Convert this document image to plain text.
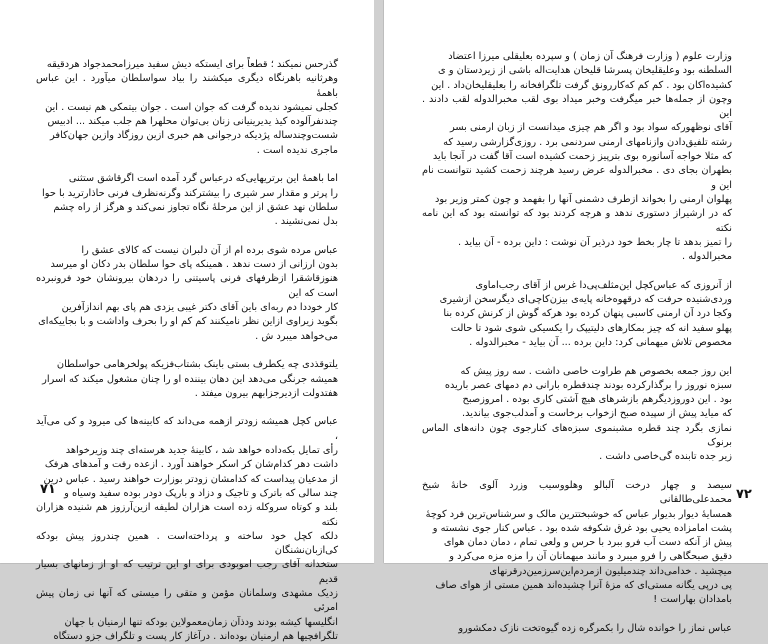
گذرحس نمیکند ؛ قطعاً برای ایستکه دیش سفید میرزامحمدجواد هردقیقه
وهرثانیه باهرنگاه دیگری میکشند را بیاد سواسلطان میآورد . این عباس باهمهٔ
کجلی نمیشود ندیده گرفت که جوان است . جوان بیتمکی هم نیست . این
چندنفرآلوده کیذ یدیرینیانی زنان بی‌توان محلهرا هم جلب میکند ... ادبیس
شست‌وچندساله پژدیکه درجوانی هم خبری ازین روزگاد وازین جهان‌کافر
ماجری ندیده است .

اما باهمهٔ این برتریهایی‌که درعباس گرد آمده است اگرقاشق ستثنی
را پرتر و مقدار سر شیری را بیشترکند وگرنه‌نظرف فرنی حاذارترید با حوا
سلطان نهد عشق از این مرحلهٔ نگاه تجاوز نمی‌کند و هرگز از راه چشم
بدل نمی‌نشیند .

عباس مرده شوی برده ام از آن دلبران نیست که کالای عشق را
بدون ارزانی از دست ندهد . همینکه پای حوا سلطان بدر دکان او میرسد
هنوزقاشقرا ازظرفهای فرنی پاسیتنی را دردهان بیرونشان خود فرونبرده است که این
کار خوددا دم ربه‌ای باین آقای دکتر غیبی یزدی هم پای بهم اندازآفرین
بگوید زیراوی ازاین نظر نامیکنند کم کم او را بحرف واداشت و با بجاییکه‌ای
می‌خواهد میبرد ش .

یلتوقذدی چه یکطرف بستی باینک بشتاب‌فزیکه پولخرهامی حواسلطان
همیشه جرنگی می‌دهد این دهان بیننده او را چنان مشغول میکند که اسرار
هفتدولت ازدیرجزابهم بیرون میفتد .

عباس کچل همیشه زودتر ازهمه می‌داند که کابینه‌ها کی میرود و کی می‌آید ،
رأی تمایل بکه‌داده خواهد شد ، کابینهٔ جدید هرسته‌ای چند وزیرخواهد
داشت دهر کدام‌شان کر اسکر خواهند آورد . ازعده رفت و آمدهای هرفک
از مدعیان پیداست که کدامشان زودتر بوزارت خواهند رسید . عباس درین
چند سالی که باترک و تاجیک و دزاد و بارپک دودر بوده سفید وسیاه و
بلند و کوتاه سروکله زده است هزاران لطیفه ازین‌آرزوز هم شنیده هزاران نکته
دلکه کچل خود ساخته و پرداخته‌است . همین چندروز پیش بودکه کی‌ازبان‌نشنگان
ستخدانه آقای رجب اموبودی برای او این ‌ترتیب که او از زمانهای بسیار قدیم
زدیک مشهدی وسلمانان مؤمن و متقی را میستی که آنها نی زمان پیش امرئی
انگلیسها کیشه بودند ودذآن زمان‌معمولاین بودکه تنها ارمنیان با جهان
تلگرافچیها هم ارمنیان بوده‌اند . درآغاز کار پست و تلگراف جزو دستگاه
۷۱
وزارت علوم ( وزارت فرهنگ آن زمان ) و سپرده بعلیقلی میرزا اعتضاد
السلطنه بود وعلیقلیخان پسرشا قلیخان هدایت‌اله باشی از زیردستان و ی
کشیده‌اکان بود . کم کم که‌کاررونق گرفت تلگرافخانه را بعلیقلیخان‌داد . این
وچون از جمله‌ها خبر میگرفت وخبر میداد بوی لقب مخبرالدوله لقب دادند . این
آقای نوظهورکه سواد بود و اگر هم چیزی میدانست از زبان ارمنی بسر
رشته تلفیق‌دادن وازنامهای ارمنی سردنمی برد . روزی‌گزارشی رسید که
که مثلا خواجه آسانوره بوی بترپیز زحمت کشیده است آقا گفت در آنجا باید
بطهران بجای دی . مخبرالدوله عرض رسید هرچند زحمت کشید نتوانست نام این و
پهلوان ارمنی را بخواند ازطرف دشمنی آنها را بفهمد و چون کمتر وزیر بود
که در ارشیراز دستوری ندهد و هرچه کردند بود که توانسته بود که این نامه نکته
را تمیز بدهد تا چار بخط خود درذیر آن نوشت : داین برده - آن بیاید .
مخبرالدوله .

از آنروزی که عباس‌کچل این‌مثلف‌پی‌دا غرس از آقای رجب‌اماوی
وردی‌شنیده حرفت که درقهوه‌خانه پایه‌ی بیزن‌کاچی‌ای دیگرسخن ازشیری
وکجا درد آن ارمنی کاسبی پنهان کرده بود هرکه گوش از کرنش کرده بنا
پهلو سفید انه که چیز بمکارهای دلیتیپک را یکسیکی شوی شود تا حالت
مخصوص تلاش میهمانی کرد: داین برده ... آن بیاید - مخبرالدوله .

این روز جمعه بخصوص هم طراوت خاصی داشت . سه روز پیش که
سبزه نوروز را برگذارکرده بودند چندقطره بارانی دم دمهای عصر باریده
بود . این دوروزدیگرهم بازشرهای هیچ آشتی کاری بوده . امروزصبح
که میاید پیش از سپیده صبح ازخواب برخاست و آمدلب‌جوی بیاندید.
نمازی بگرد چند قطره مشبنموی سبزه‌های کنارجوی چون دانه‌های الماس برنوک
زیر جده تابنده گی‌خاصی داشت .

سیصد و چهار درخت آلبالو وهلووسیب وزرد آلوی خانهٔ شیخ محمدعلی‌طالقانی
همسایهٔ دیوار بدیوار عباس که خوشبختترین مالک و سرشناس‌ترین فرد کوچهٔ
پشت امامزاده یحیی بود غرق شکوفه شده بود . عباس کنار جوی نشسته و
پیش از آنکه دست آب فرو ببرد با حرس و ولعی تمام ، دمان دمان هوای
دقیق صبحگاهی را فرو میبرد و مانند میهمانان آن را مزه مزه می‌کرد و
میچشید . خدامی‌داند چندمیلیون ازمردم‌این‌سرزمین‌در‌قرنهای
پی‌ درپی یگانه مستی‌ای که مزهٔ آنرا چشیده‌اند همین مستی از هوای صاف
بامدادان بهاراست !

عباس نماز را خوانده شال را بکمرگره زده گیوه‌تخت نازک دمکشورو
۷۲
